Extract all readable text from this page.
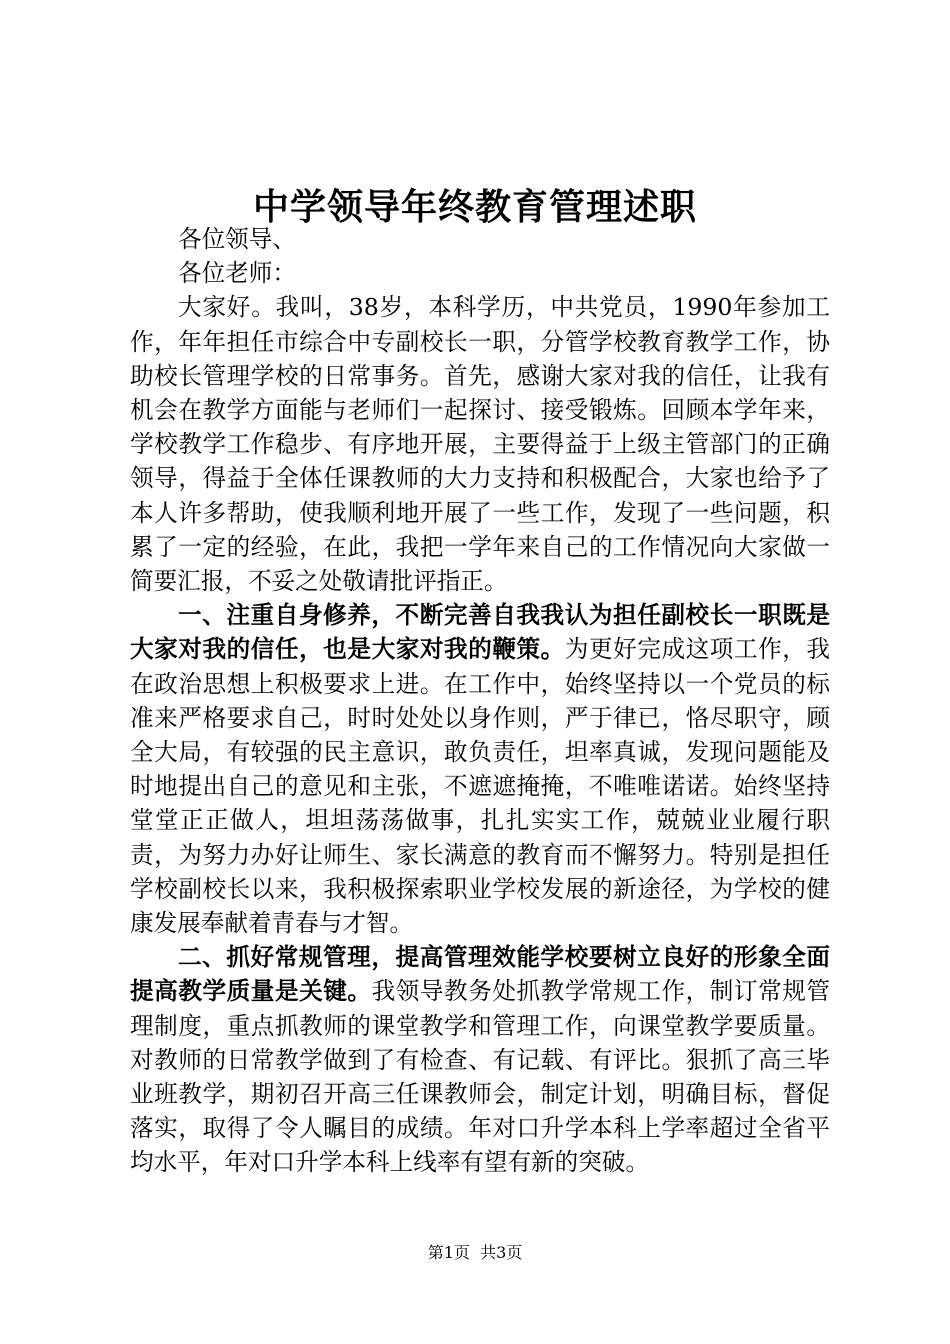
中学领导年终教育管理述职

各位领导、

各位老师：

大家好。我叫，38岁，本科学历，中共党员，1990年参加工作，年年担任市综合中专副校长一职，分管学校教育教学工作，协助校长管理学校的日常事务。首先，感谢大家对我的信任，让我有机会在教学方面能与老师们一起探讨、接受锻炼。回顾本学年来，学校教学工作稳步、有序地开展，主要得益于上级主管部门的正确领导，得益于全体任课教师的大力支持和积极配合，大家也给予了本人许多帮助，使我顺利地开展了一些工作，发现了一些问题，积累了一定的经验，在此，我把一学年来自己的工作情况向大家做一简要汇报，不妥之处敬请批评指正。

一、注重自身修养，不断完善自我我认为担任副校长一职既是大家对我的信任，也是大家对我的鞭策。为更好完成这项工作，我在政治思想上积极要求上进。在工作中，始终坚持以一个党员的标准来严格要求自己，时时处处以身作则，严于律已，恪尽职守，顾全大局，有较强的民主意识，敢负责任，坦率真诚，发现问题能及时地提出自己的意见和主张，不遮遮掩掩，不唯唯诺诺。始终坚持堂堂正正做人，坦坦荡荡做事，扎扎实实工作，兢兢业业履行职责，为努力办好让师生、家长满意的教育而不懈努力。特别是担任学校副校长以来，我积极探索职业学校发展的新途径，为学校的健康发展奉献着青春与才智。

二、抓好常规管理，提高管理效能学校要树立良好的形象全面提高教学质量是关键。我领导教务处抓教学常规工作，制订常规管理制度，重点抓教师的课堂教学和管理工作，向课堂教学要质量。对教师的日常教学做到了有检查、有记载、有评比。狠抓了高三毕业班教学，期初召开高三任课教师会，制定计划，明确目标，督促落实，取得了令人瞩目的成绩。年对口升学本科上学率超过全省平均水平，年对口升学本科上线率有望有新的突破。

第1页 共3页
